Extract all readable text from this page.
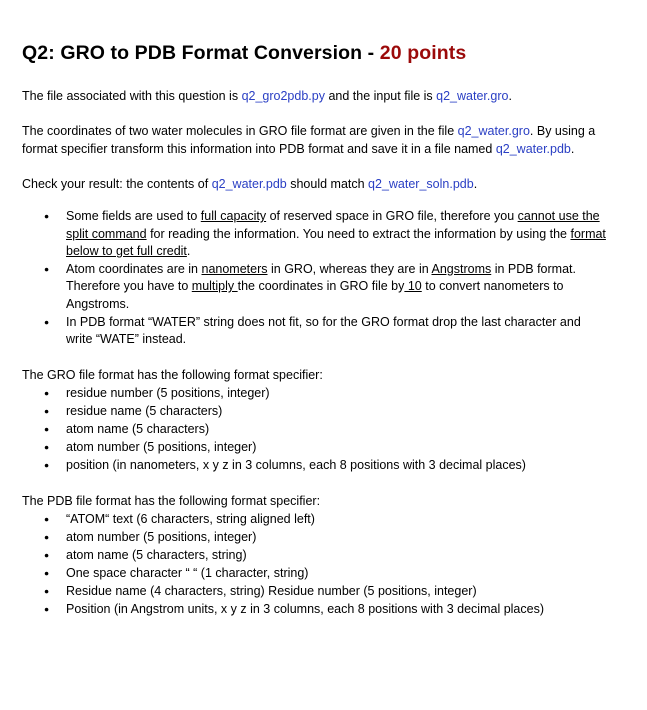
Q2: GRO to PDB Format Conversion - 20 points

The file associated with this question is q2_gro2pdb.py and the input file is q2_water.gro.

The coordinates of two water molecules in GRO file format are given in the file q2_water.gro. By using a format specifier transform this information into PDB format and save it in a file named q2_water.pdb.

Check your result: the contents of q2_water.pdb should match q2_water_soln.pdb.

● Some fields are used to full capacity of reserved space in GRO file, therefore you cannot use the split command for reading the information. You need to extract the information by using the format below to get full credit.
● Atom coordinates are in nanometers in GRO, whereas they are in Angstroms in PDB format. Therefore you have to multiply the coordinates in GRO file by 10 to convert nanometers to Angstroms.
● In PDB format “WATER” string does not fit, so for the GRO format drop the last character and write “WATE” instead.

The GRO file format has the following format specifier:

● residue number (5 positions, integer)
● residue name (5 characters)
● atom name (5 characters)
● atom number (5 positions, integer)
● position (in nanometers, x y z in 3 columns, each 8 positions with 3 decimal places)

The PDB file format has the following format specifier:

● “ATOM“ text (6 characters, string aligned left)
● atom number (5 positions, integer)
● atom name (5 characters, string)
● One space character “ “ (1 character, string)
● Residue name (4 characters, string) Residue number (5 positions, integer)
● Position (in Angstrom units, x y z in 3 columns, each 8 positions with 3 decimal places)
